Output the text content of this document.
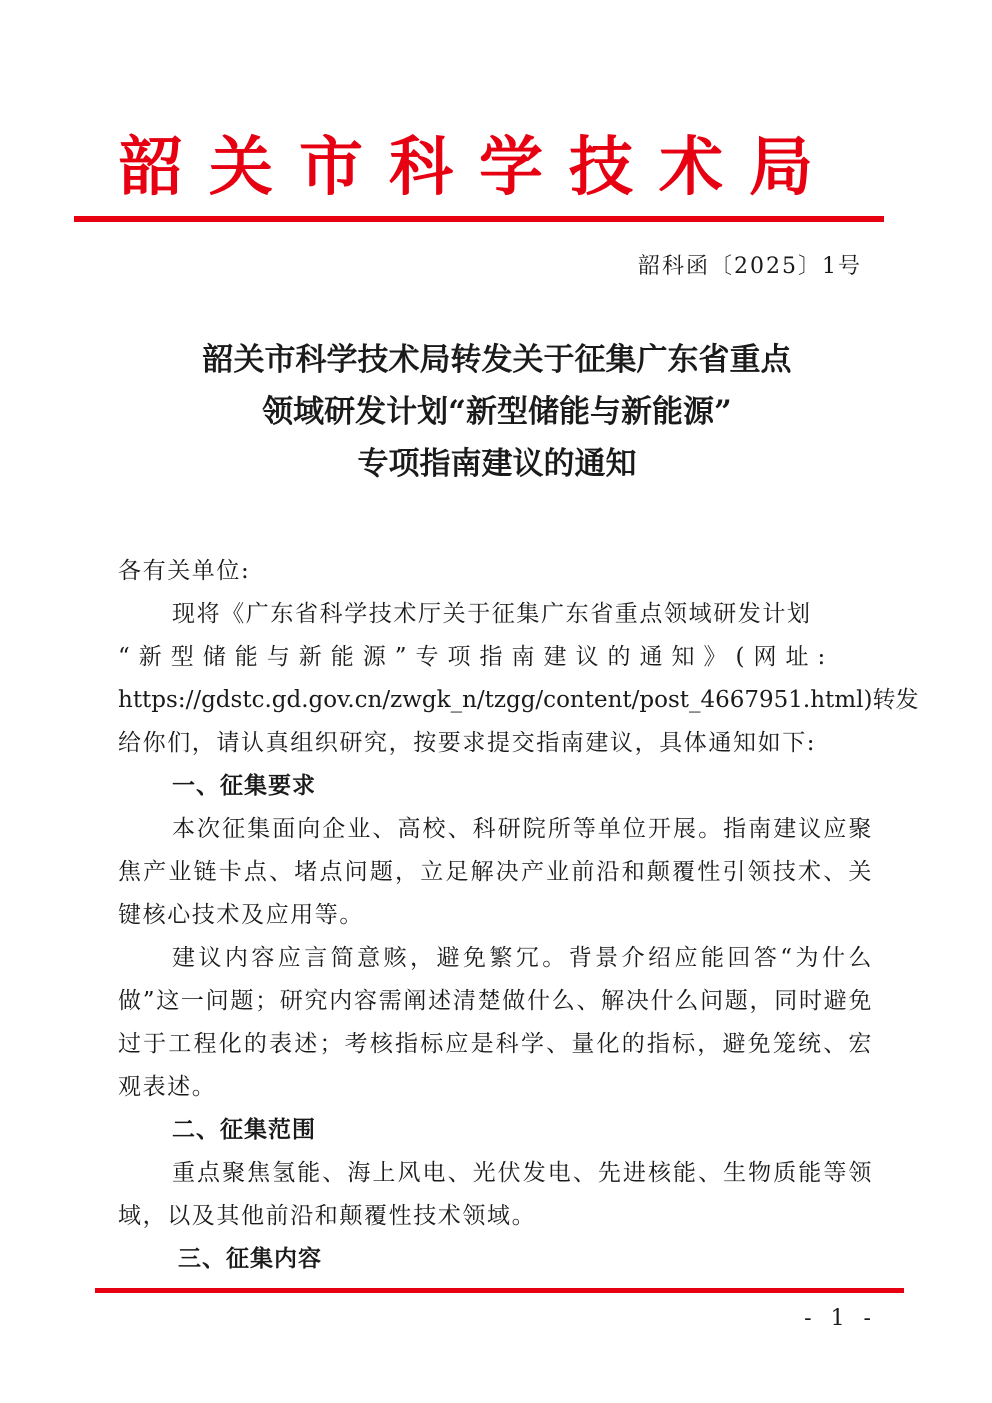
韶关市科学技术局
韶科函〔2025〕1号
韶关市科学技术局转发关于征集广东省重点
领域研发计划“新型储能与新能源”
专项指南建议的通知

各有关单位:

现将《广东省科学技术厅关于征集广东省重点领域研发计划

“新型储能与新能源”专项指南建议的通知》(网址:

https://gdstc.gd.gov.cn/zwgk_n/tzgg/content/post_4667951.html)转发

给你们，请认真组织研究，按要求提交指南建议，具体通知如下:

一、征集要求

本次征集面向企业、高校、科研院所等单位开展。指南建议应聚焦产业链卡点、堵点问题，立足解决产业前沿和颠覆性引领技术、关键核心技术及应用等。

建议内容应言简意赅，避免繁冗。背景介绍应能回答“为什么做”这一问题；研究内容需阐述清楚做什么、解决什么问题，同时避免过于工程化的表述；考核指标应是科学、量化的指标，避免笼统、宏观表述。

二、征集范围

重点聚焦氢能、海上风电、光伏发电、先进核能、生物质能等领域，以及其他前沿和颠覆性技术领域。

三、征集内容

- 1 -
